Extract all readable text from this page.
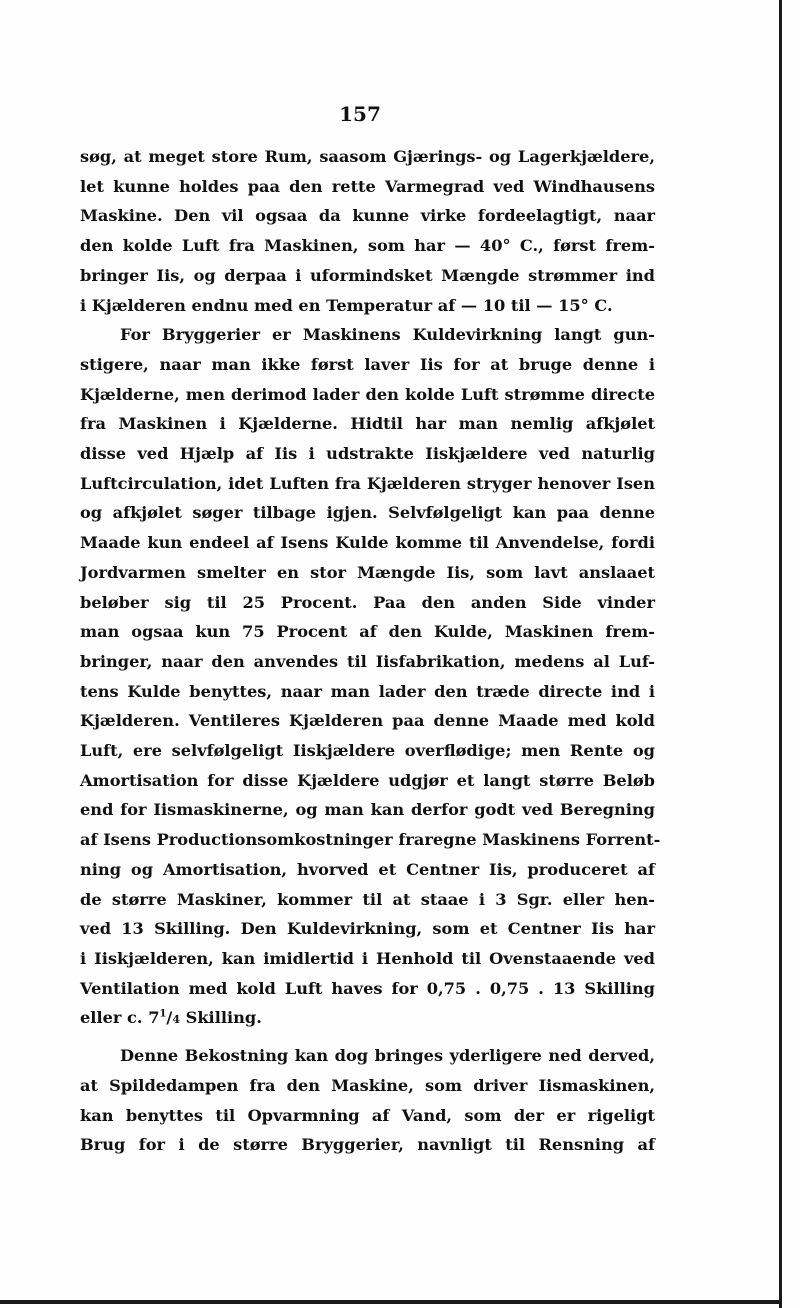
157
søg, at meget store Rum, saasom Gjærings- og Lagerkjældere,
let kunne holdes paa den rette Varmegrad ved Windhausens
Maskine. Den vil ogsaa da kunne virke fordeelagtigt, naar
den kolde Luft fra Maskinen, som har — 40° C., først frem-
bringer Iis, og derpaa i uformindsket Mængde strømmer ind
i Kjælderen endnu med en Temperatur af — 10 til — 15° C.
For Bryggerier er Maskinens Kuldevirkning langt gun-
stigere, naar man ikke først laver Iis for at bruge denne i
Kjælderne, men derimod lader den kolde Luft strømme directe
fra Maskinen i Kjælderne. Hidtil har man nemlig afkjølet
disse ved Hjælp af Iis i udstrakte Iiskjældere ved naturlig
Luftcirculation, idet Luften fra Kjælderen stryger henover Isen
og afkjølet søger tilbage igjen. Selvfølgeligt kan paa denne
Maade kun endeel af Isens Kulde komme til Anvendelse, fordi
Jordvarmen smelter en stor Mængde Iis, som lavt anslaaet
beløber sig til 25 Procent. Paa den anden Side vinder
man ogsaa kun 75 Procent af den Kulde, Maskinen frem-
bringer, naar den anvendes til Iisfabrikation, medens al Luf-
tens Kulde benyttes, naar man lader den træde directe ind i
Kjælderen. Ventileres Kjælderen paa denne Maade med kold
Luft, ere selvfølgeligt Iiskjældere overflødige; men Rente og
Amortisation for disse Kjældere udgjør et langt større Beløb
end for Iismaskinerne, og man kan derfor godt ved Beregning
af Isens Productionsomkostninger fraregne Maskinens Forrent-
ning og Amortisation, hvorved et Centner Iis, produceret af
de større Maskiner, kommer til at staae i 3 Sgr. eller hen-
ved 13 Skilling. Den Kuldevirkning, som et Centner Iis har
i Iiskjælderen, kan imidlertid i Henhold til Ovenstaaende ved
Ventilation med kold Luft haves for 0,75 . 0,75 . 13 Skilling
eller c. $7^1/4$ Skilling.
Denne Bekostning kan dog bringes yderligere ned derved,
at Spildedampen fra den Maskine, som driver Iismaskinen,
kan benyttes til Opvarmning af Vand, som der er rigeligt
Brug for i de større Bryggerier, navnligt til Rensning af
